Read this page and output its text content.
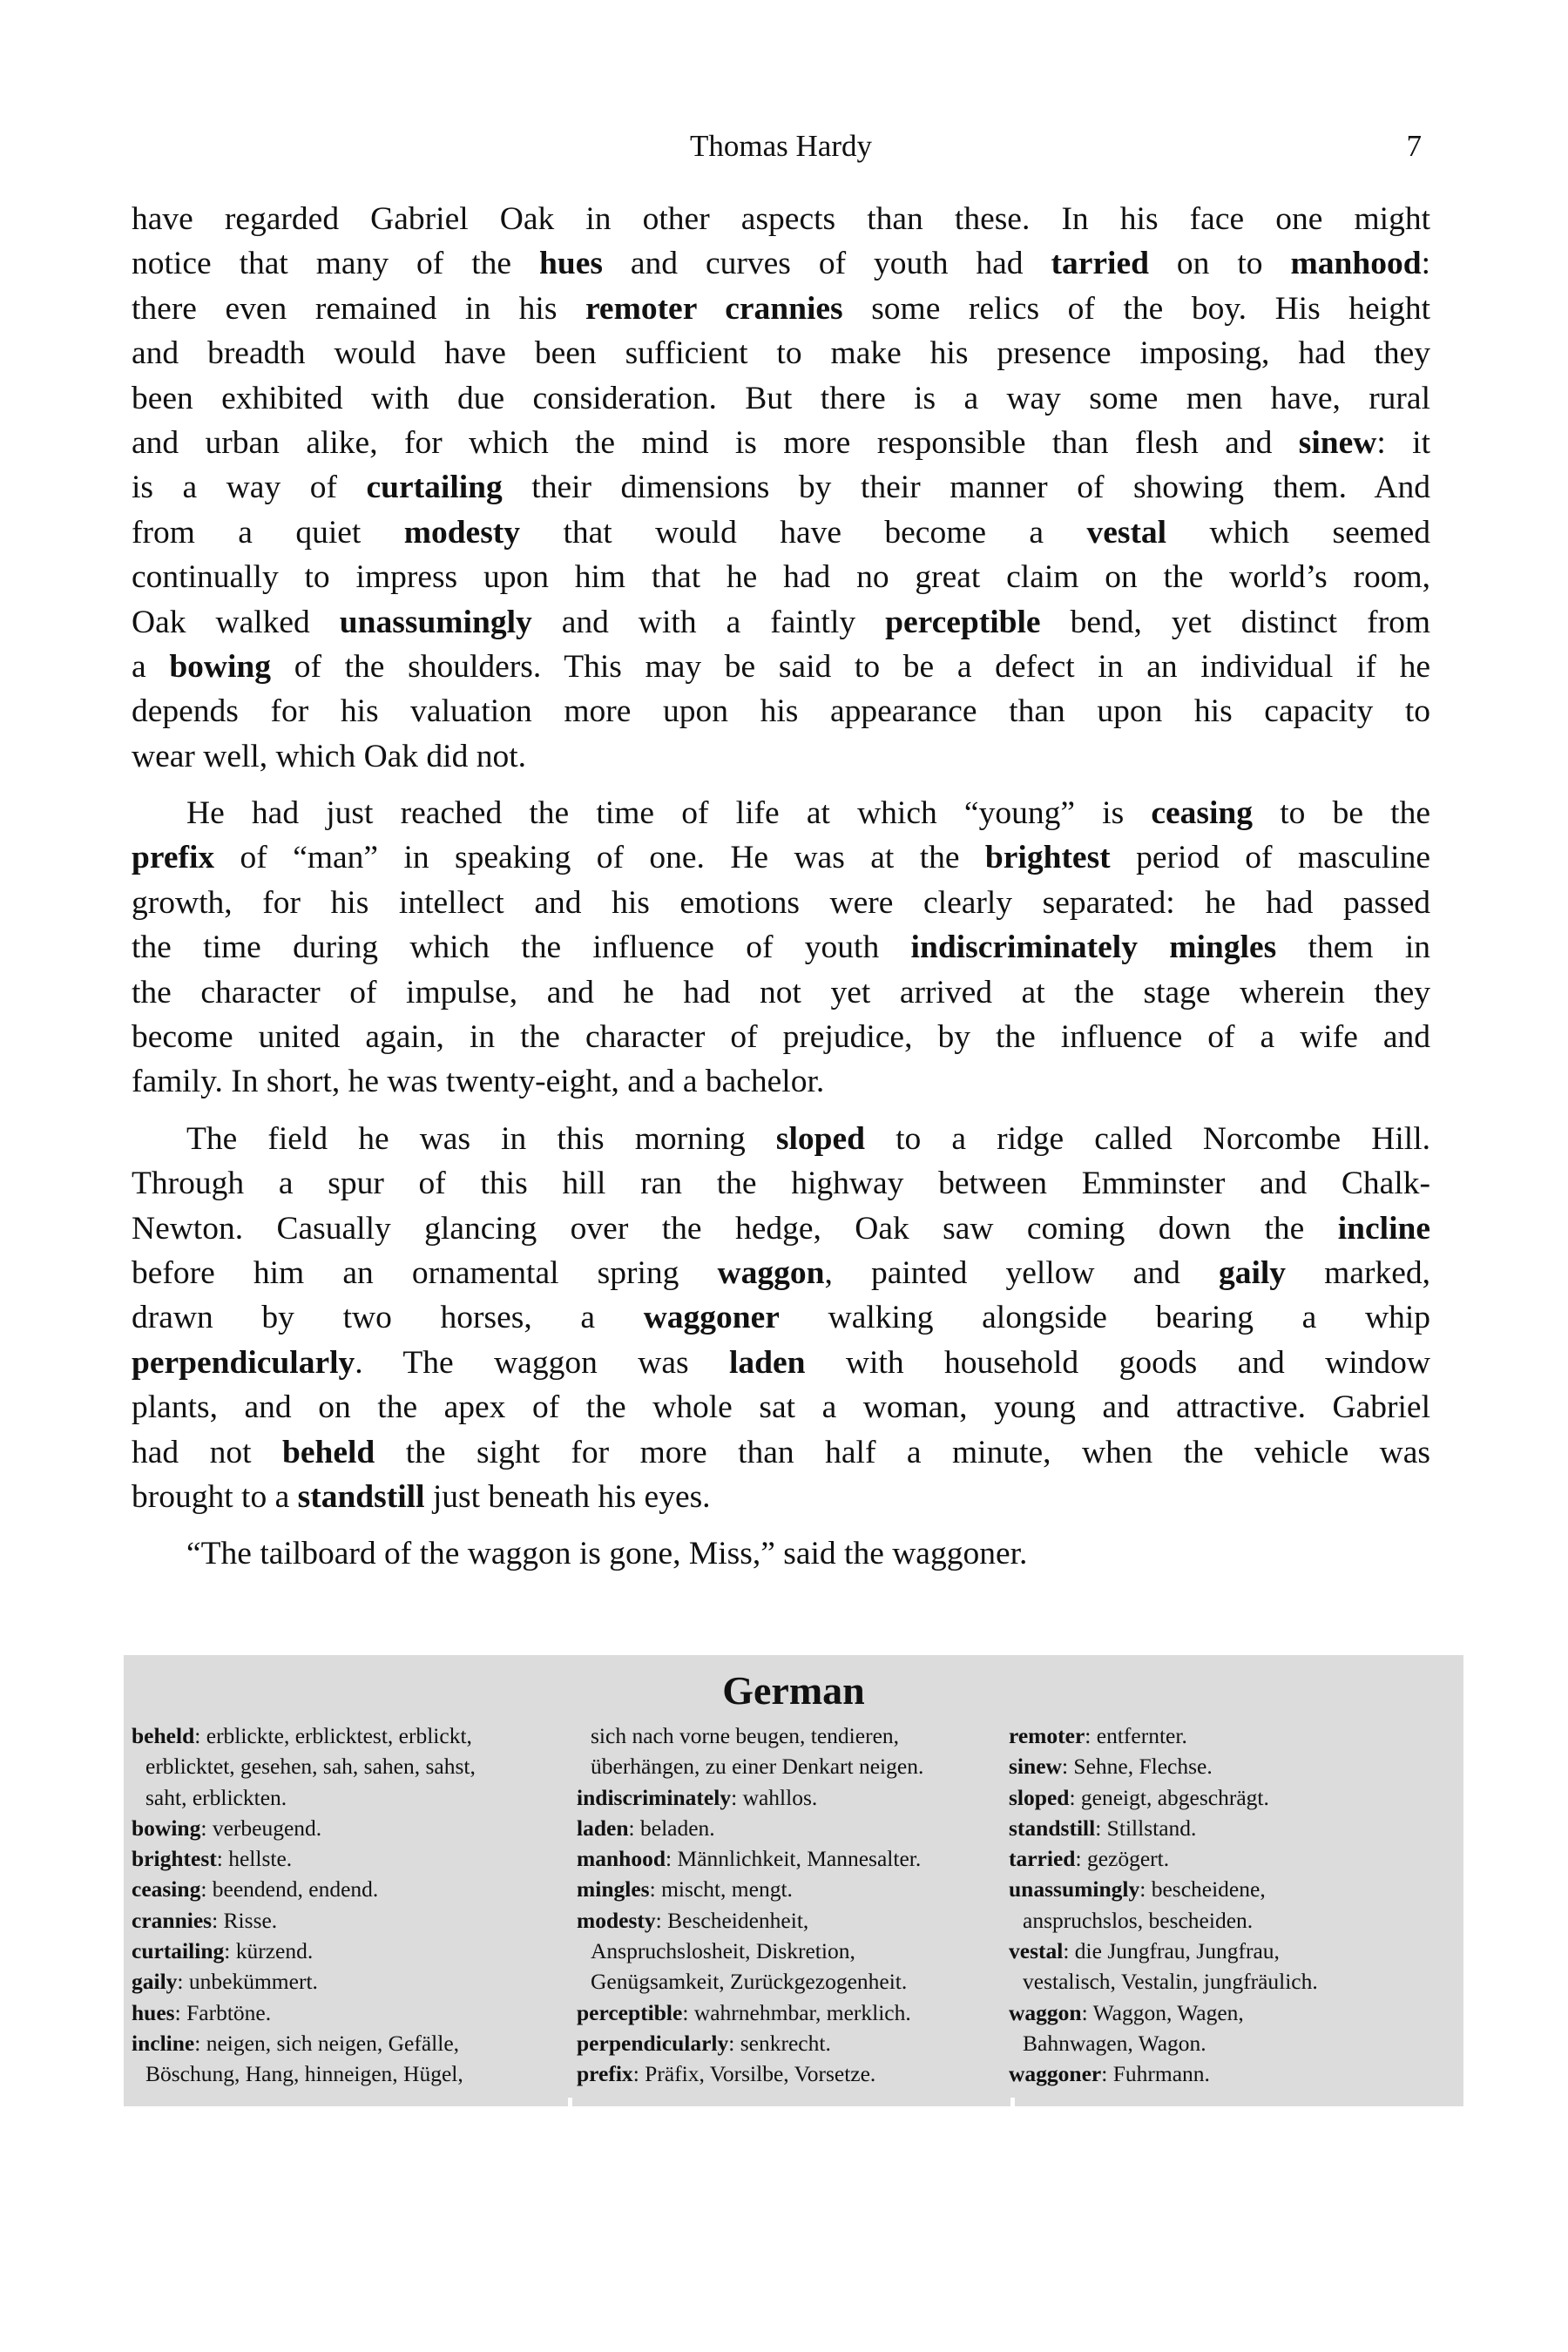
Thomas Hardy	7
have regarded Gabriel Oak in other aspects than these. In his face one might
notice that many of the hues and curves of youth had tarried on to manhood:
there even remained in his remoter crannies some relics of the boy. His height
and breadth would have been sufficient to make his presence imposing, had they
been exhibited with due consideration. But there is a way some men have, rural
and urban alike, for which the mind is more responsible than flesh and sinew: it
is a way of curtailing their dimensions by their manner of showing them. And
from a quiet modesty that would have become a vestal which seemed
continually to impress upon him that he had no great claim on the world’s room,
Oak walked unassumingly and with a faintly perceptible bend, yet distinct from
a bowing of the shoulders. This may be said to be a defect in an individual if he
depends for his valuation more upon his appearance than upon his capacity to
wear well, which Oak did not.
He had just reached the time of life at which “young” is ceasing to be the
prefix of “man” in speaking of one. He was at the brightest period of masculine
growth, for his intellect and his emotions were clearly separated: he had passed
the time during which the influence of youth indiscriminately mingles them in
the character of impulse, and he had not yet arrived at the stage wherein they
become united again, in the character of prejudice, by the influence of a wife and
family. In short, he was twenty-eight, and a bachelor.
The field he was in this morning sloped to a ridge called Norcombe Hill.
Through a spur of this hill ran the highway between Emminster and Chalk-
Newton. Casually glancing over the hedge, Oak saw coming down the incline
before him an ornamental spring waggon, painted yellow and gaily marked,
drawn by two horses, a waggoner walking alongside bearing a whip
perpendicularly. The waggon was laden with household goods and window
plants, and on the apex of the whole sat a woman, young and attractive. Gabriel
had not beheld the sight for more than half a minute, when the vehicle was
brought to a standstill just beneath his eyes.
“The tailboard of the waggon is gone, Miss,” said the waggoner.
German
beheld: erblickte, erblicktest, erblickt,
erblicktet, gesehen, sah, sahen, sahst,
saht, erblickten.
bowing: verbeugend.
brightest: hellste.
ceasing: beendend, endend.
crannies: Risse.
curtailing: kürzend.
gaily: unbekümmert.
hues: Farbtöne.
incline: neigen, sich neigen, Gefälle,
Böschung, Hang, hinneigen, Hügel,
sich nach vorne beugen, tendieren,
überhängen, zu einer Denkart neigen.
indiscriminately: wahllos.
laden: beladen.
manhood: Männlichkeit, Mannesalter.
mingles: mischt, mengt.
modesty: Bescheidenheit,
Anspruchslosheit, Diskretion,
Genügsamkeit, Zurückgezogenheit.
perceptible: wahrnehmbar, merklich.
perpendicularly: senkrecht.
prefix: Präfix, Vorsilbe, Vorsetze.
remoter: entfernter.
sinew: Sehne, Flechse.
sloped: geneigt, abgeschrägt.
standstill: Stillstand.
tarried: gezögert.
unassumingly: bescheidene,
anspruchslos, bescheiden.
vestal: die Jungfrau, Jungfrau,
vestalisch, Vestalin, jungfräulich.
waggon: Waggon, Wagen,
Bahnwagen, Wagon.
waggoner: Fuhrmann.
